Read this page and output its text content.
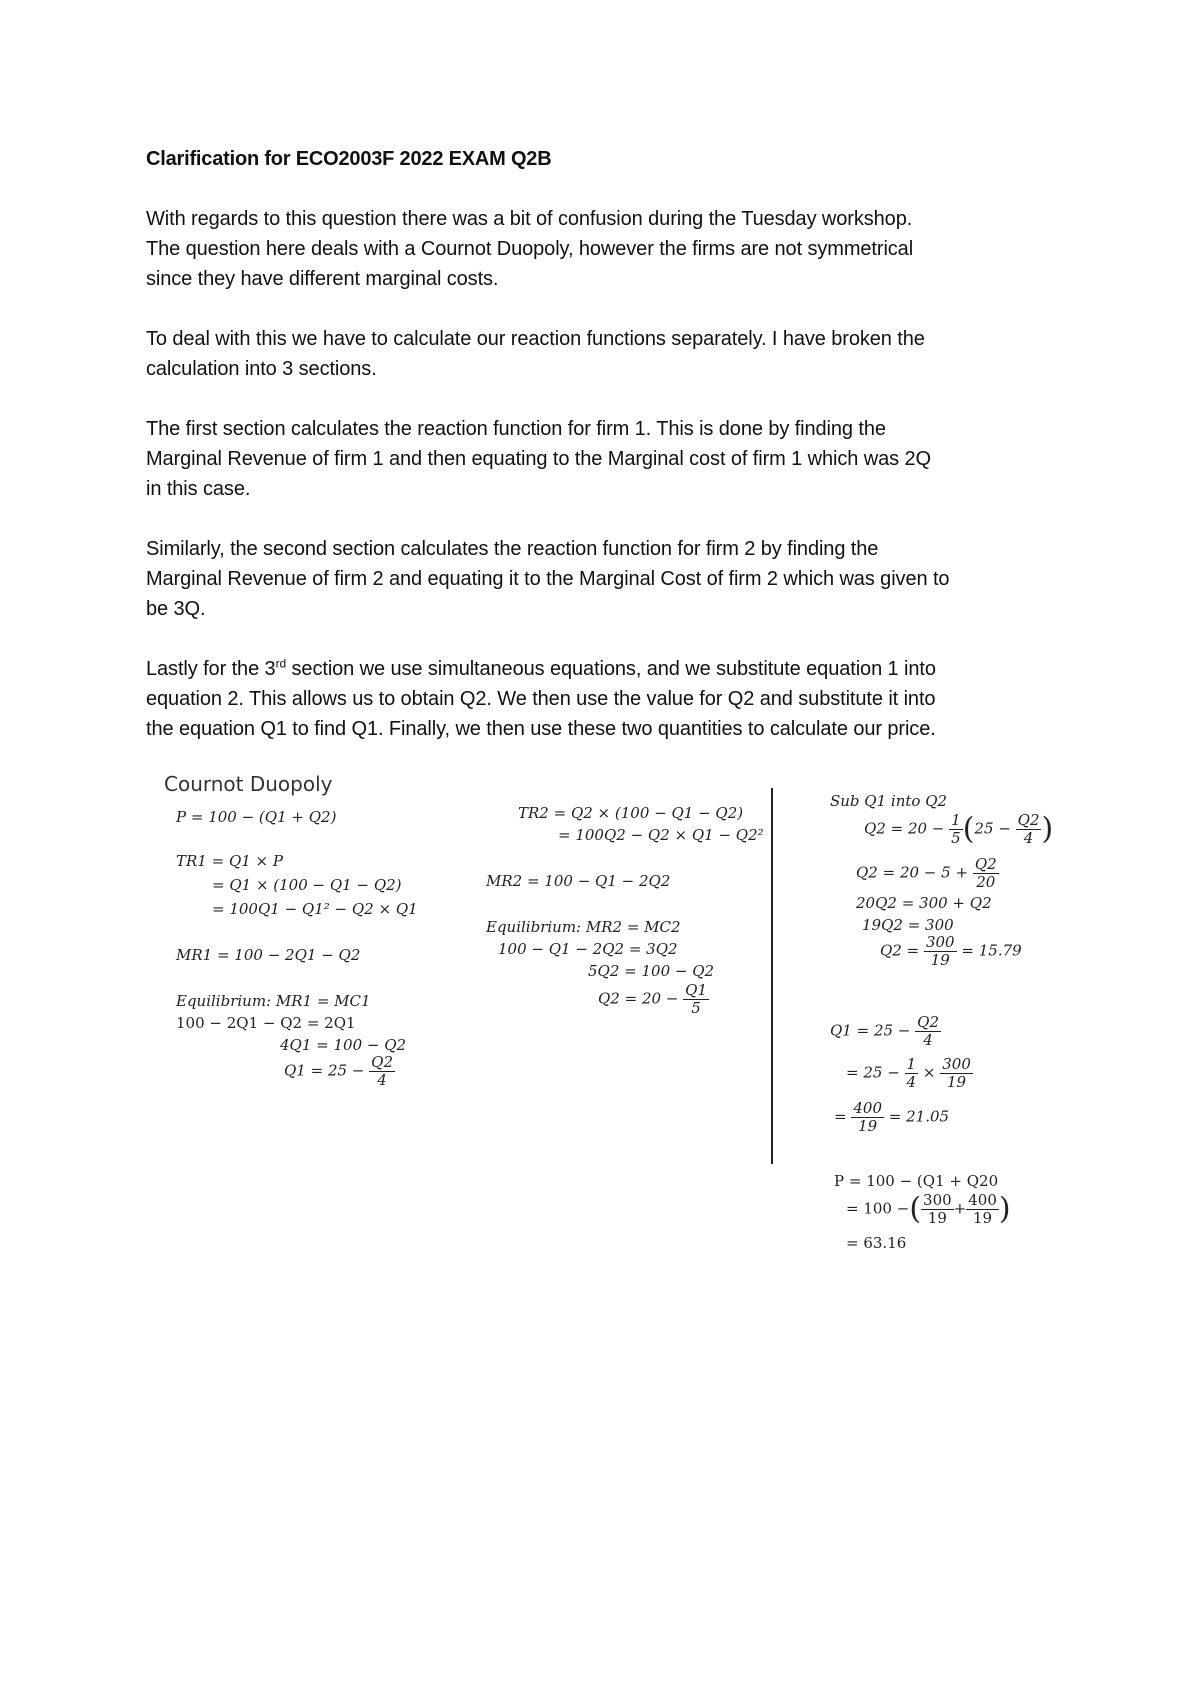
Clarification for ECO2003F 2022 EXAM Q2B
With regards to this question there was a bit of confusion during the Tuesday workshop.
The question here deals with a Cournot Duopoly, however the firms are not symmetrical
since they have different marginal costs.
To deal with this we have to calculate our reaction functions separately. I have broken the
calculation into 3 sections.
The first section calculates the reaction function for firm 1. This is done by finding the
Marginal Revenue of firm 1 and then equating to the Marginal cost of firm 1 which was 2Q
in this case.
Similarly, the second section calculates the reaction function for firm 2 by finding the
Marginal Revenue of firm 2 and equating it to the Marginal Cost of firm 2 which was given to
be 3Q.
Lastly for the 3rd section we use simultaneous equations, and we substitute equation 1 into
equation 2. This allows us to obtain Q2. We then use the value for Q2 and substitute it into
the equation Q1 to find Q1. Finally, we then use these two quantities to calculate our price.
Cournot Duopoly
P = 100 − (Q1 + Q2)
TR1 = Q1 × P
= Q1 × (100 − Q1 − Q2)
= 100Q1 − Q1² − Q2 × Q1
MR1 = 100 − 2Q1 − Q2
Equilibrium: MR1 = MC1
100 − 2Q1 − Q2 = 2Q1
4Q1 = 100 − Q2
$Q1 = 25 - \frac{Q2}{4}$
TR2 = Q2 × (100 − Q1 − Q2)
= 100Q2 − Q2 × Q1 − Q2²
MR2 = 100 − Q1 − 2Q2
Equilibrium: MR2 = MC2
100 − Q1 − 2Q2 = 3Q2
5Q2 = 100 − Q2
$Q2 = 20 - \frac{Q1}{5}$
Sub Q1 into Q2
$Q2 = 20 - \frac{1}{5} (25 - \frac{Q2}{4}$ )
$Q2 = 20 - 5 + \frac{Q2}{20}$
20Q2 = 300 + Q2
19Q2 = 300
$Q2 = \frac{300}{19} = 15.79$
$Q1 = 25 - \frac{Q2}{4}$
= $25 - \frac{1}{4} \times \frac{300}{19}$
= $\frac{400}{19} = 21.05$
P = 100 − (Q1 + Q20
= 100 −( $\frac{300}{19} + \frac{400}{19}$ )
= 63.16
